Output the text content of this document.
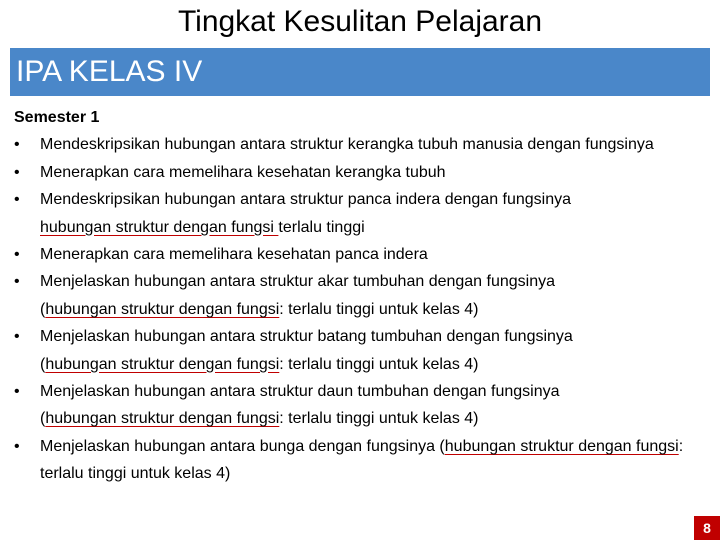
Tingkat Kesulitan Pelajaran
IPA KELAS IV
Semester 1
•	Mendeskripsikan hubungan antara struktur kerangka tubuh manusia dengan fungsinya
•	Menerapkan cara memelihara kesehatan kerangka tubuh
•	Mendeskripsikan hubungan antara struktur panca indera dengan fungsinya
hubungan struktur dengan fungsi terlalu tinggi
•	Menerapkan cara memelihara kesehatan panca indera
•	Menjelaskan hubungan antara struktur akar tumbuhan dengan fungsinya
(hubungan struktur dengan fungsi: terlalu tinggi untuk kelas 4)
•	Menjelaskan hubungan antara struktur batang tumbuhan dengan fungsinya
(hubungan struktur dengan fungsi: terlalu tinggi untuk kelas 4)
•	Menjelaskan hubungan antara struktur daun tumbuhan dengan fungsinya
(hubungan struktur dengan fungsi: terlalu tinggi untuk kelas 4)
•	Menjelaskan hubungan antara bunga dengan fungsinya (hubungan struktur dengan fungsi: terlalu tinggi untuk kelas 4)
8
